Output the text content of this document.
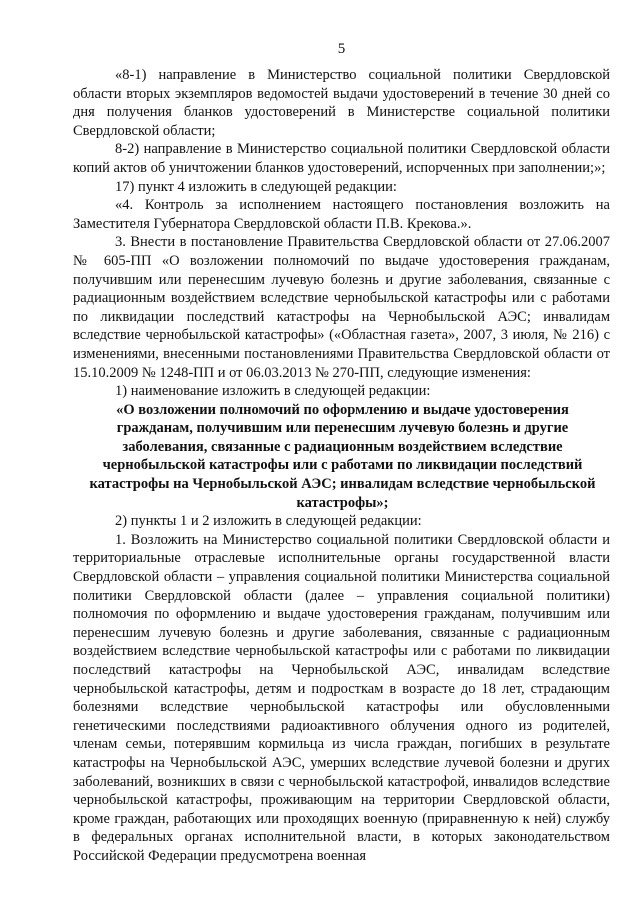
5

«8-1) направление в Министерство социальной политики Свердловской области вторых экземпляров ведомостей выдачи удостоверений в течение 30 дней со дня получения бланков удостоверений в Министерстве социальной политики Свердловской области;

8-2) направление в Министерство социальной политики Свердловской области копий актов об уничтожении бланков удостоверений, испорченных при заполнении;»;

17) пункт 4 изложить в следующей редакции:

«4. Контроль за исполнением настоящего постановления возложить на Заместителя Губернатора Свердловской области П.В. Крекова.».

3. Внести в постановление Правительства Свердловской области от 27.06.2007 № 605-ПП «О возложении полномочий по выдаче удостоверения гражданам, получившим или перенесшим лучевую болезнь и другие заболевания, связанные с радиационным воздействием вследствие чернобыльской катастрофы или с работами по ликвидации последствий катастрофы на Чернобыльской АЭС; инвалидам вследствие чернобыльской катастрофы» («Областная газета», 2007, 3 июля, № 216) с изменениями, внесенными постановлениями Правительства Свердловской области от 15.10.2009 № 1248-ПП и от 06.03.2013 № 270-ПП, следующие изменения:

1) наименование изложить в следующей редакции:

«О возложении полномочий по оформлению и выдаче удостоверения гражданам, получившим или перенесшим лучевую болезнь и другие заболевания, связанные с радиационным воздействием вследствие чернобыльской катастрофы или с работами по ликвидации последствий катастрофы на Чернобыльской АЭС; инвалидам вследствие чернобыльской катастрофы»;

2) пункты 1 и 2 изложить в следующей редакции:

1. Возложить на Министерство социальной политики Свердловской области и территориальные отраслевые исполнительные органы государственной власти Свердловской области – управления социальной политики Министерства социальной политики Свердловской области (далее – управления социальной политики) полномочия по оформлению и выдаче удостоверения гражданам, получившим или перенесшим лучевую болезнь и другие заболевания, связанные с радиационным воздействием вследствие чернобыльской катастрофы или с работами по ликвидации последствий катастрофы на Чернобыльской АЭС, инвалидам вследствие чернобыльской катастрофы, детям и подросткам в возрасте до 18 лет, страдающим болезнями вследствие чернобыльской катастрофы или обусловленными генетическими последствиями радиоактивного облучения одного из родителей, членам семьи, потерявшим кормильца из числа граждан, погибших в результате катастрофы на Чернобыльской АЭС, умерших вследствие лучевой болезни и других заболеваний, возникших в связи с чернобыльской катастрофой, инвалидов вследствие чернобыльской катастрофы, проживающим на территории Свердловской области, кроме граждан, работающих или проходящих военную (приравненную к ней) службу в федеральных органах исполнительной власти, в которых законодательством Российской Федерации предусмотрена военная
